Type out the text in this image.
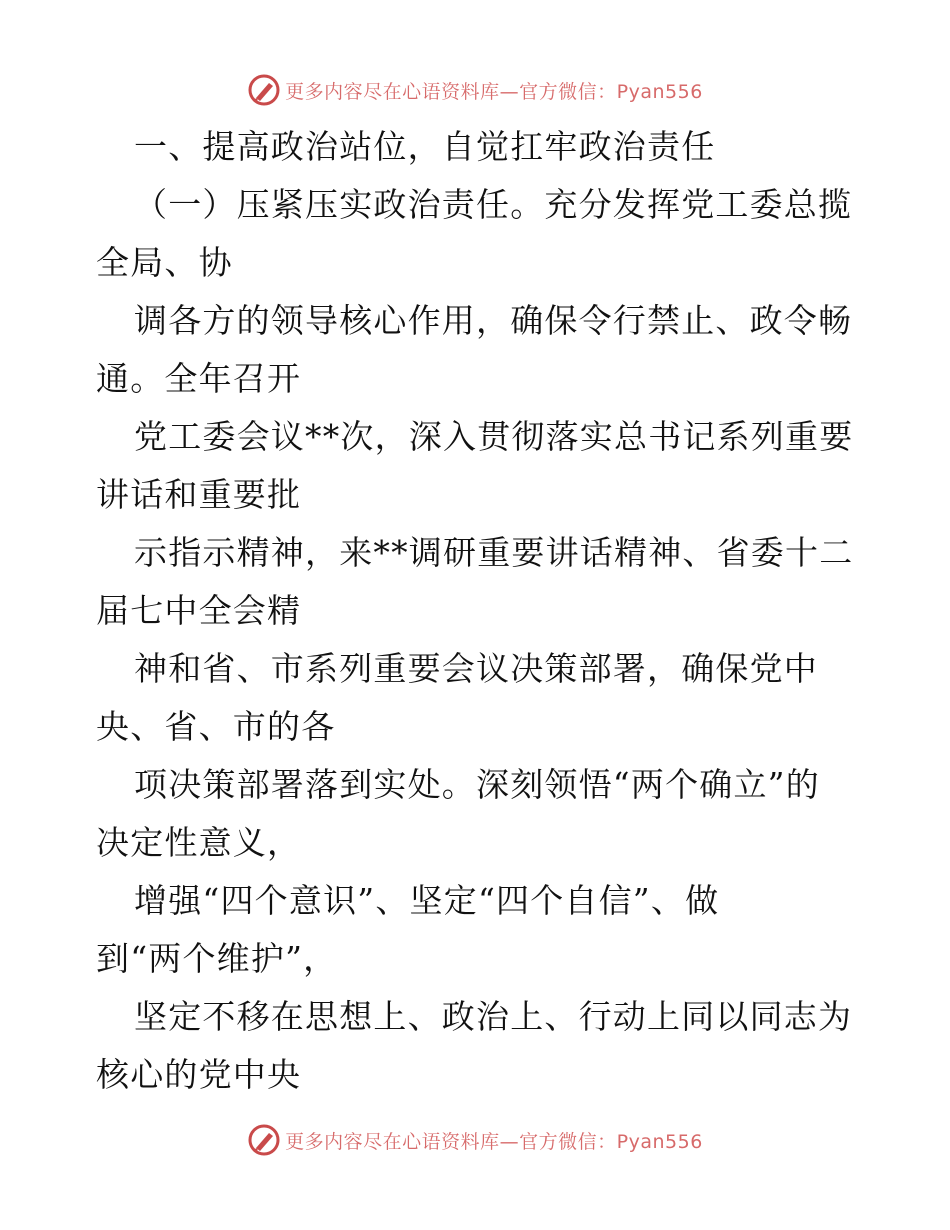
更多内容尽在心语资料库—官方微信：Pyan556
一、提高政治站位，自觉扛牢政治责任
（一）压紧压实政治责任。充分发挥党工委总揽
全局、协
调各方的领导核心作用，确保令行禁止、政令畅
通。全年召开
党工委会议**次，深入贯彻落实总书记系列重要
讲话和重要批
示指示精神，来**调研重要讲话精神、省委十二
届七中全会精
神和省、市系列重要会议决策部署，确保党中
央、省、市的各
项决策部署落到实处。深刻领悟“两个确立”的
决定性意义，
增强“四个意识”、坚定“四个自信”、做
到“两个维护”，
坚定不移在思想上、政治上、行动上同以同志为
核心的党中央
更多内容尽在心语资料库—官方微信：Pyan556
